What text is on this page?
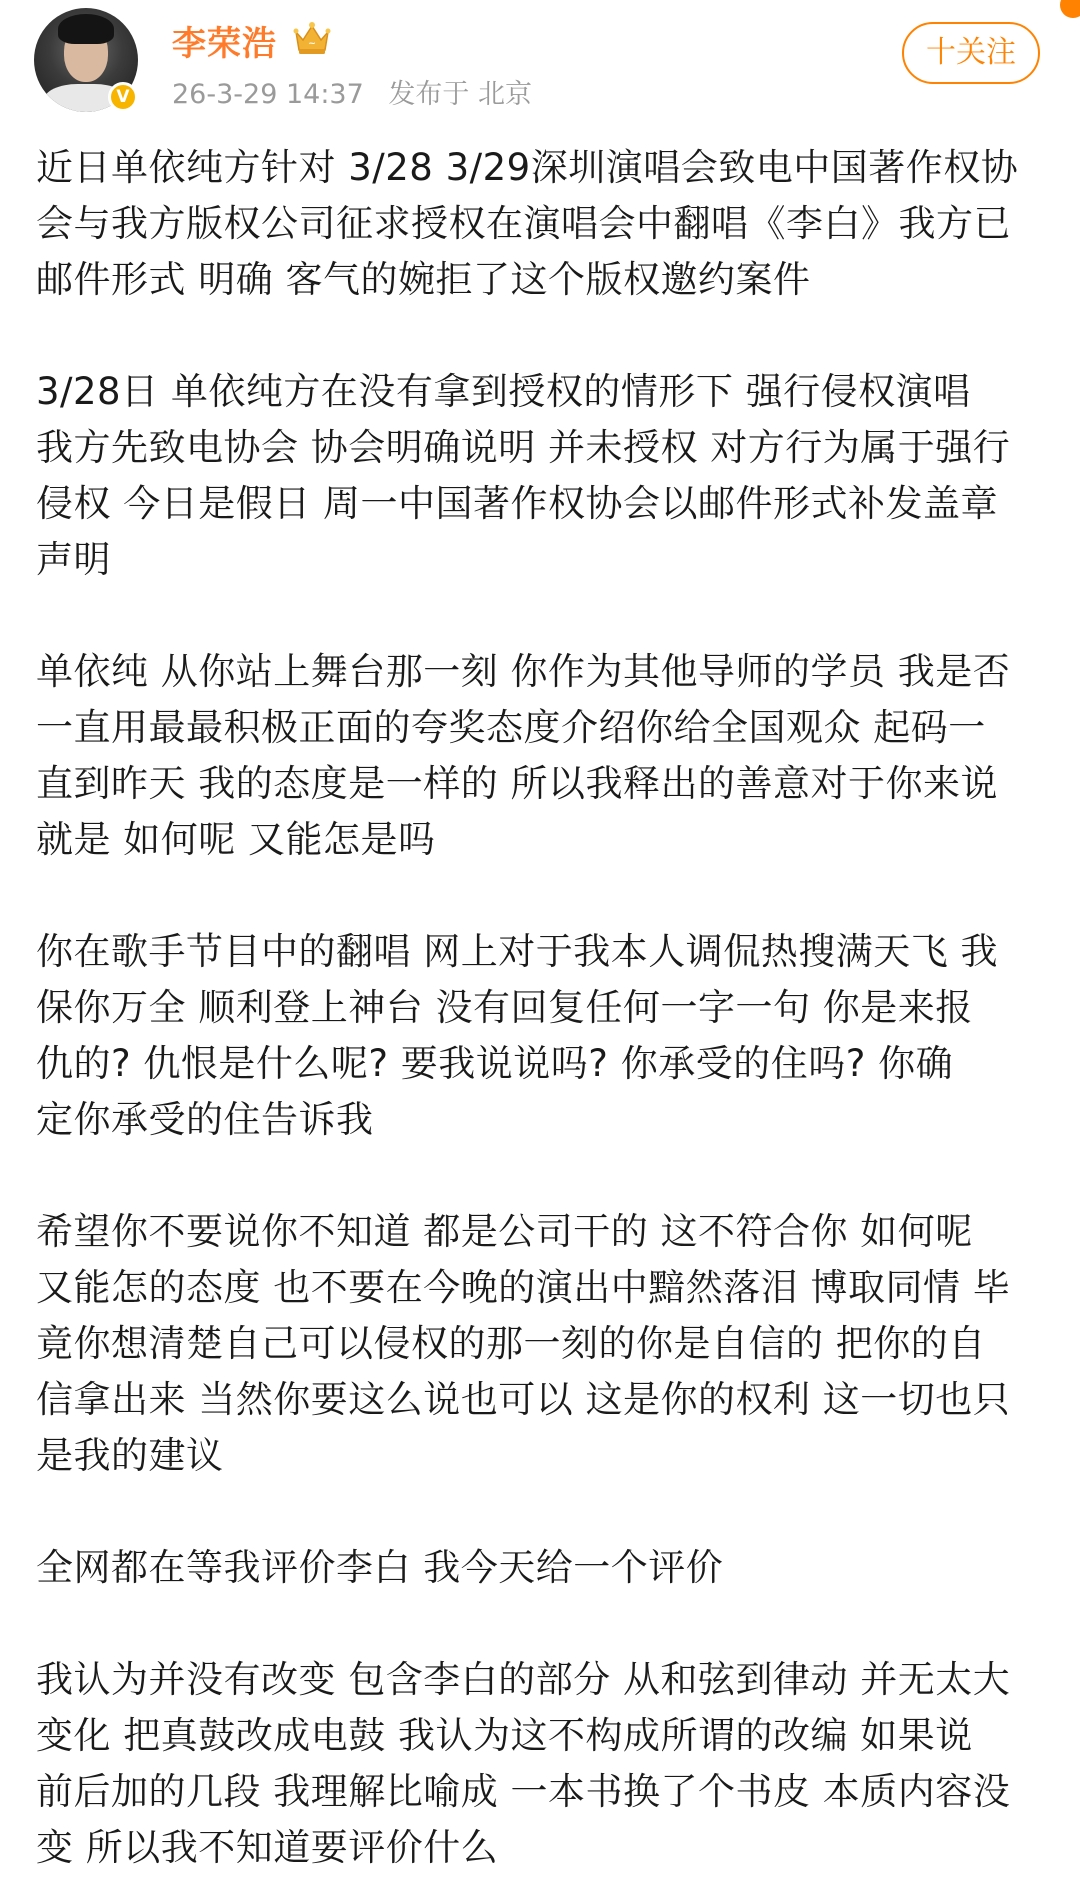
V
李荣浩	~
26-3-29 14:37 发布于 北京
十关注

近日单依纯方针对 3/28 3/29深圳演唱会致电中国著作权协
会与我方版权公司征求授权在演唱会中翻唱《李白》我方已
邮件形式 明确 客气的婉拒了这个版权邀约案件

3/28日 单依纯方在没有拿到授权的情形下 强行侵权演唱
我方先致电协会 协会明确说明 并未授权 对方行为属于强行
侵权 今日是假日 周一中国著作权协会以邮件形式补发盖章
声明

单依纯 从你站上舞台那一刻 你作为其他导师的学员 我是否
一直用最最积极正面的夸奖态度介绍你给全国观众 起码一
直到昨天 我的态度是一样的 所以我释出的善意对于你来说
就是 如何呢 又能怎是吗

你在歌手节目中的翻唱 网上对于我本人调侃热搜满天飞 我
保你万全 顺利登上神台 没有回复任何一字一句 你是来报
仇的? 仇恨是什么呢? 要我说说吗? 你承受的住吗? 你确
定你承受的住告诉我

希望你不要说你不知道 都是公司干的 这不符合你 如何呢
又能怎的态度 也不要在今晚的演出中黯然落泪 博取同情 毕
竟你想清楚自己可以侵权的那一刻的你是自信的 把你的自
信拿出来 当然你要这么说也可以 这是你的权利 这一切也只
是我的建议

全网都在等我评价李白 我今天给一个评价

我认为并没有改变 包含李白的部分 从和弦到律动 并无太大
变化 把真鼓改成电鼓 我认为这不构成所谓的改编 如果说
前后加的几段 我理解比喻成 一本书换了个书皮 本质内容没
变 所以我不知道要评价什么
